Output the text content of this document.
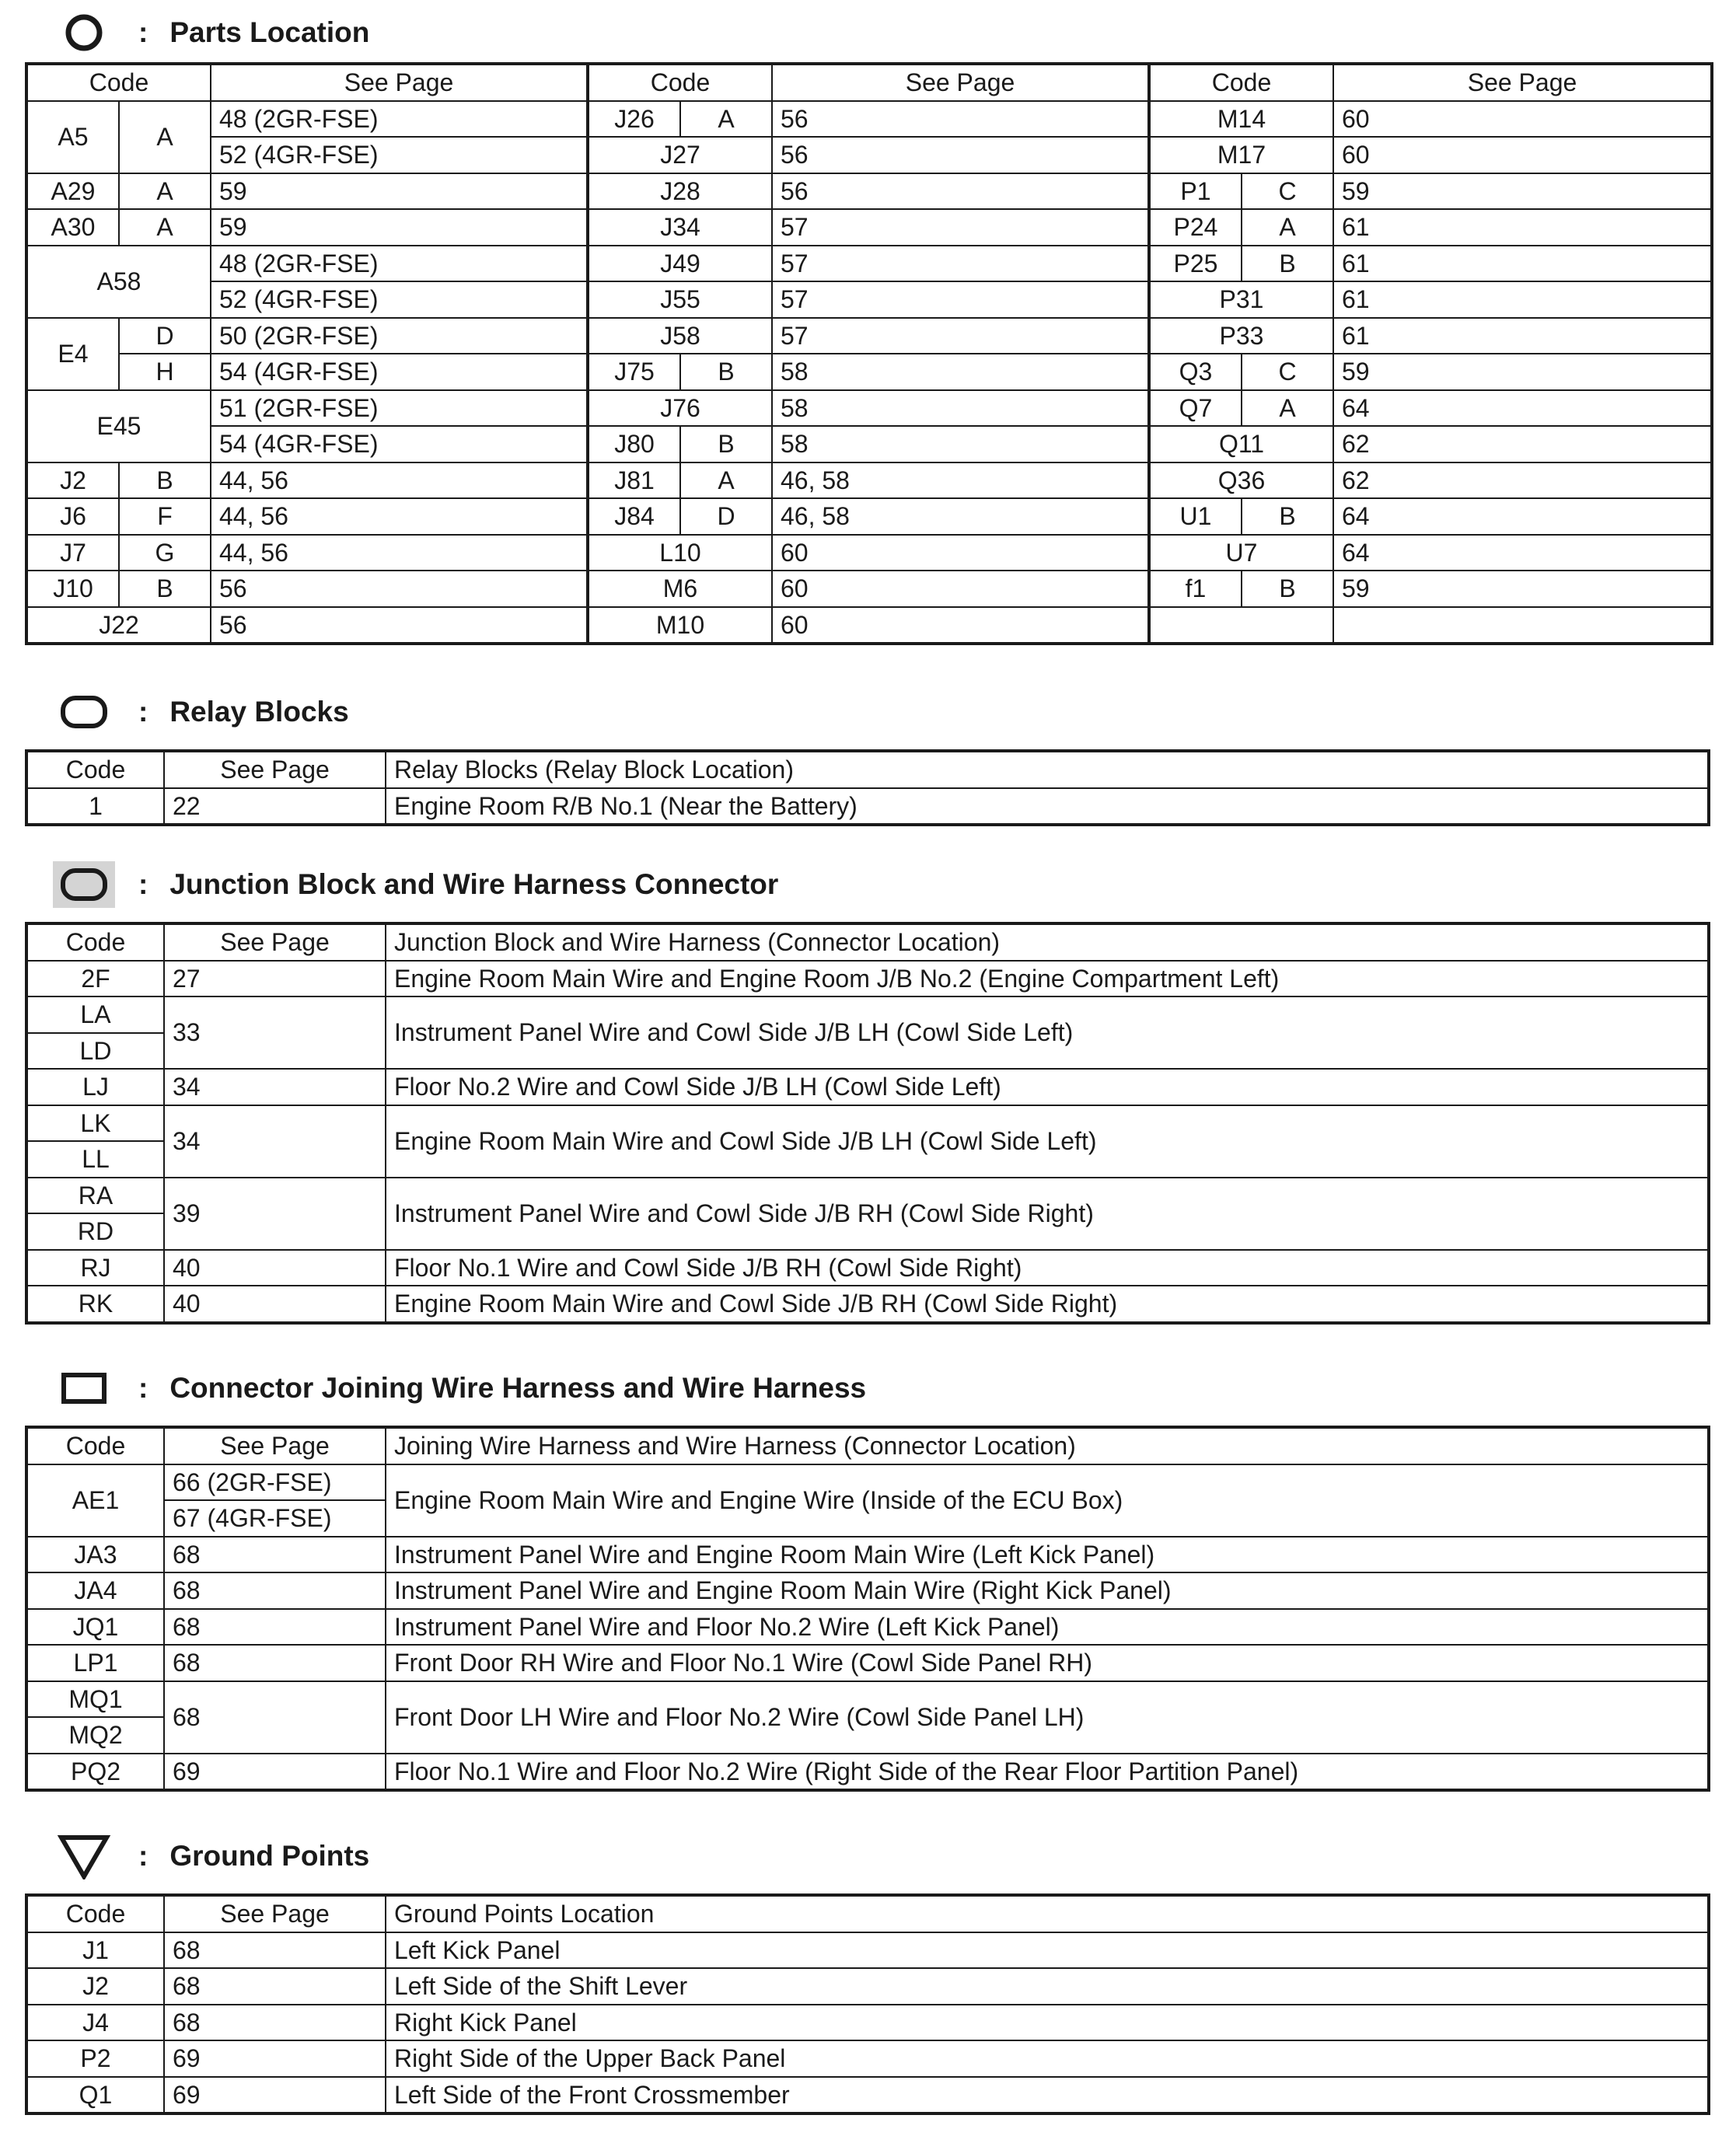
: Parts Location
Code		See Page	Code		See Page	Code		See Page
A5	A	48 (2GR-FSE)	J26	A	56	M14		60
		52 (4GR-FSE)	J27		56	M17		60
A29	A	59	J28		56	P1	C	59
A30	A	59	J34		57	P24	A	61
A58		48 (2GR-FSE)	J49		57	P25	B	61
		52 (4GR-FSE)	J55		57	P31		61
E4	D	50 (2GR-FSE)	J58		57	P33		61
	H	54 (4GR-FSE)	J75	B	58	Q3	C	59
E45		51 (2GR-FSE)	J76		58	Q7	A	64
		54 (4GR-FSE)	J80	B	58	Q11		62
J2	B	44, 56	J81	A	46, 58	Q36		62
J6	F	44, 56	J84	D	46, 58	U1	B	64
J7	G	44, 56	L10		60	U7		64
J10	B	56	M6		60	f1	B	59
J22		56	M10		60			
: Relay Blocks
Code	See Page	Relay Blocks (Relay Block Location)
1	22	Engine Room R/B No.1 (Near the Battery)
: Junction Block and Wire Harness Connector
Code	See Page	Junction Block and Wire Harness (Connector Location)
2F	27	Engine Room Main Wire and Engine Room J/B No.2 (Engine Compartment Left)
LA	33	Instrument Panel Wire and Cowl Side J/B LH (Cowl Side Left)
LD		
LJ	34	Floor No.2 Wire and Cowl Side J/B LH (Cowl Side Left)
LK	34	Engine Room Main Wire and Cowl Side J/B LH (Cowl Side Left)
LL		
RA	39	Instrument Panel Wire and Cowl Side J/B RH (Cowl Side Right)
RD		
RJ	40	Floor No.1 Wire and Cowl Side J/B RH (Cowl Side Right)
RK	40	Engine Room Main Wire and Cowl Side J/B RH (Cowl Side Right)
: Connector Joining Wire Harness and Wire Harness
Code	See Page	Joining Wire Harness and Wire Harness (Connector Location)
AE1	66 (2GR-FSE)	Engine Room Main Wire and Engine Wire (Inside of the ECU Box)
	67 (4GR-FSE)	
JA3	68	Instrument Panel Wire and Engine Room Main Wire (Left Kick Panel)
JA4	68	Instrument Panel Wire and Engine Room Main Wire (Right Kick Panel)
JQ1	68	Instrument Panel Wire and Floor No.2 Wire (Left Kick Panel)
LP1	68	Front Door RH Wire and Floor No.1 Wire (Cowl Side Panel RH)
MQ1	68	Front Door LH Wire and Floor No.2 Wire (Cowl Side Panel LH)
MQ2		
PQ2	69	Floor No.1 Wire and Floor No.2 Wire (Right Side of the Rear Floor Partition Panel)
: Ground Points
Code	See Page	Ground Points Location
J1	68	Left Kick Panel
J2	68	Left Side of the Shift Lever
J4	68	Right Kick Panel
P2	69	Right Side of the Upper Back Panel
Q1	69	Left Side of the Front Crossmember
